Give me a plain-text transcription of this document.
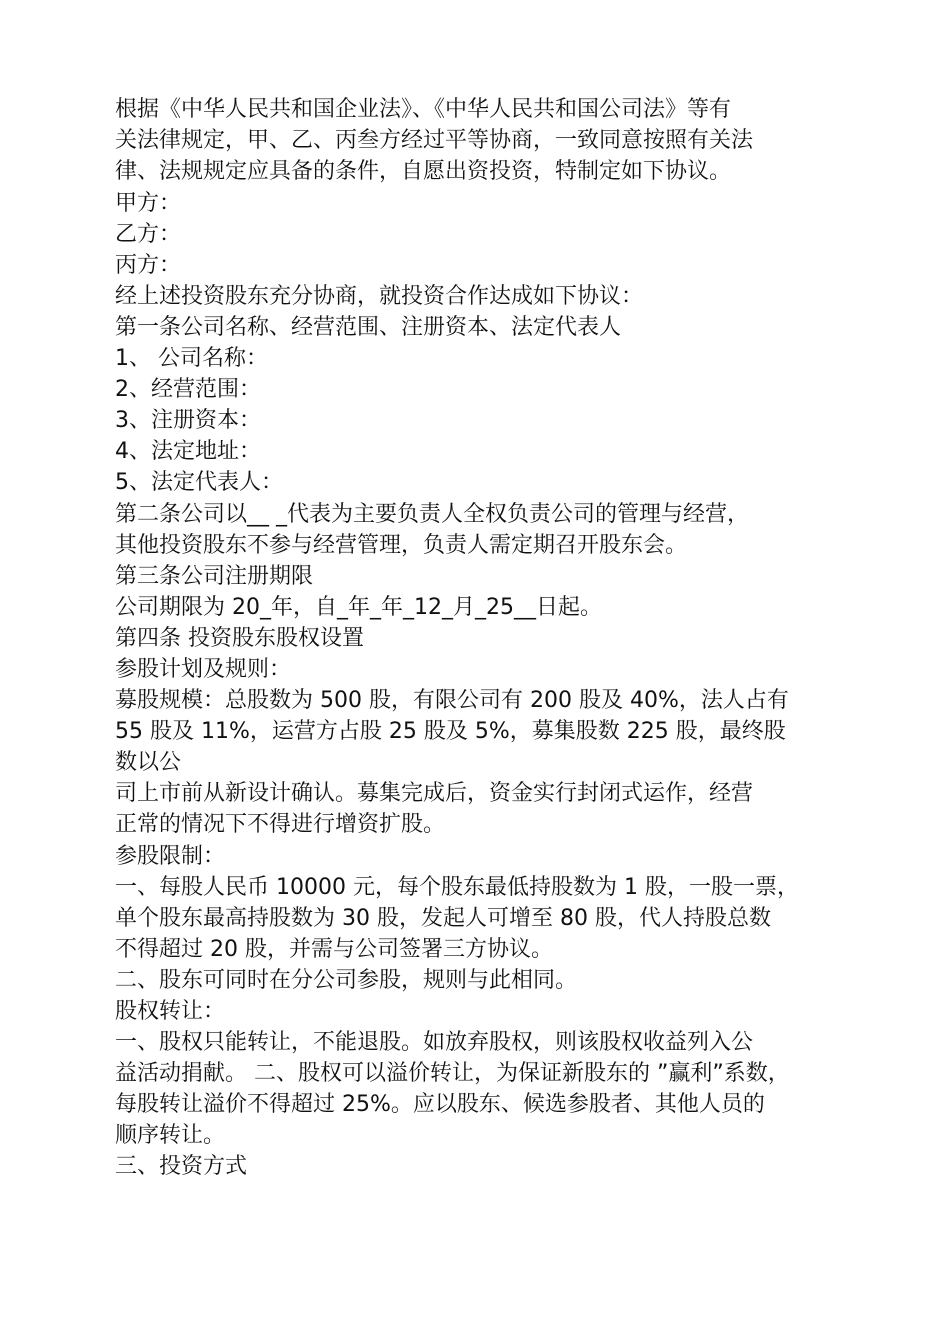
根据《中华人民共和国企业法》、《中华人民共和国公司法》等有
关法律规定，甲、乙、丙叁方经过平等协商，一致同意按照有关法
律、法规规定应具备的条件，自愿出资投资，特制定如下协议。
甲方：
乙方：
丙方：
经上述投资股东充分协商，就投资合作达成如下协议：
第一条公司名称、经营范围、注册资本、法定代表人
1、 公司名称：
2、经营范围：
3、注册资本：
4、法定地址：
5、法定代表人：
第二条公司以__ _代表为主要负责人全权负责公司的管理与经营，
其他投资股东不参与经营管理，负责人需定期召开股东会。
第三条公司注册期限
公司期限为 20_年，自_年_年_12_月_25__日起。
第四条 投资股东股权设置
参股计划及规则：
募股规模：总股数为 500 股，有限公司有 200 股及 40%，法人占有
55 股及 11%，运营方占股 25 股及 5%，募集股数 225 股，最终股
数以公
司上市前从新设计确认。募集完成后，资金实行封闭式运作，经营
正常的情况下不得进行增资扩股。
参股限制：
一、每股人民币 10000 元，每个股东最低持股数为 1 股，一股一票，
单个股东最高持股数为 30 股，发起人可增至 80 股，代人持股总数
不得超过 20 股，并需与公司签署三方协议。
二、股东可同时在分公司参股，规则与此相同。
股权转让：
一、股权只能转让，不能退股。如放弃股权，则该股权收益列入公
益活动捐献。 二、股权可以溢价转让，为保证新股东的 ”赢利”系数，
每股转让溢价不得超过 25%。应以股东、候选参股者、其他人员的
顺序转让。
三、投资方式
